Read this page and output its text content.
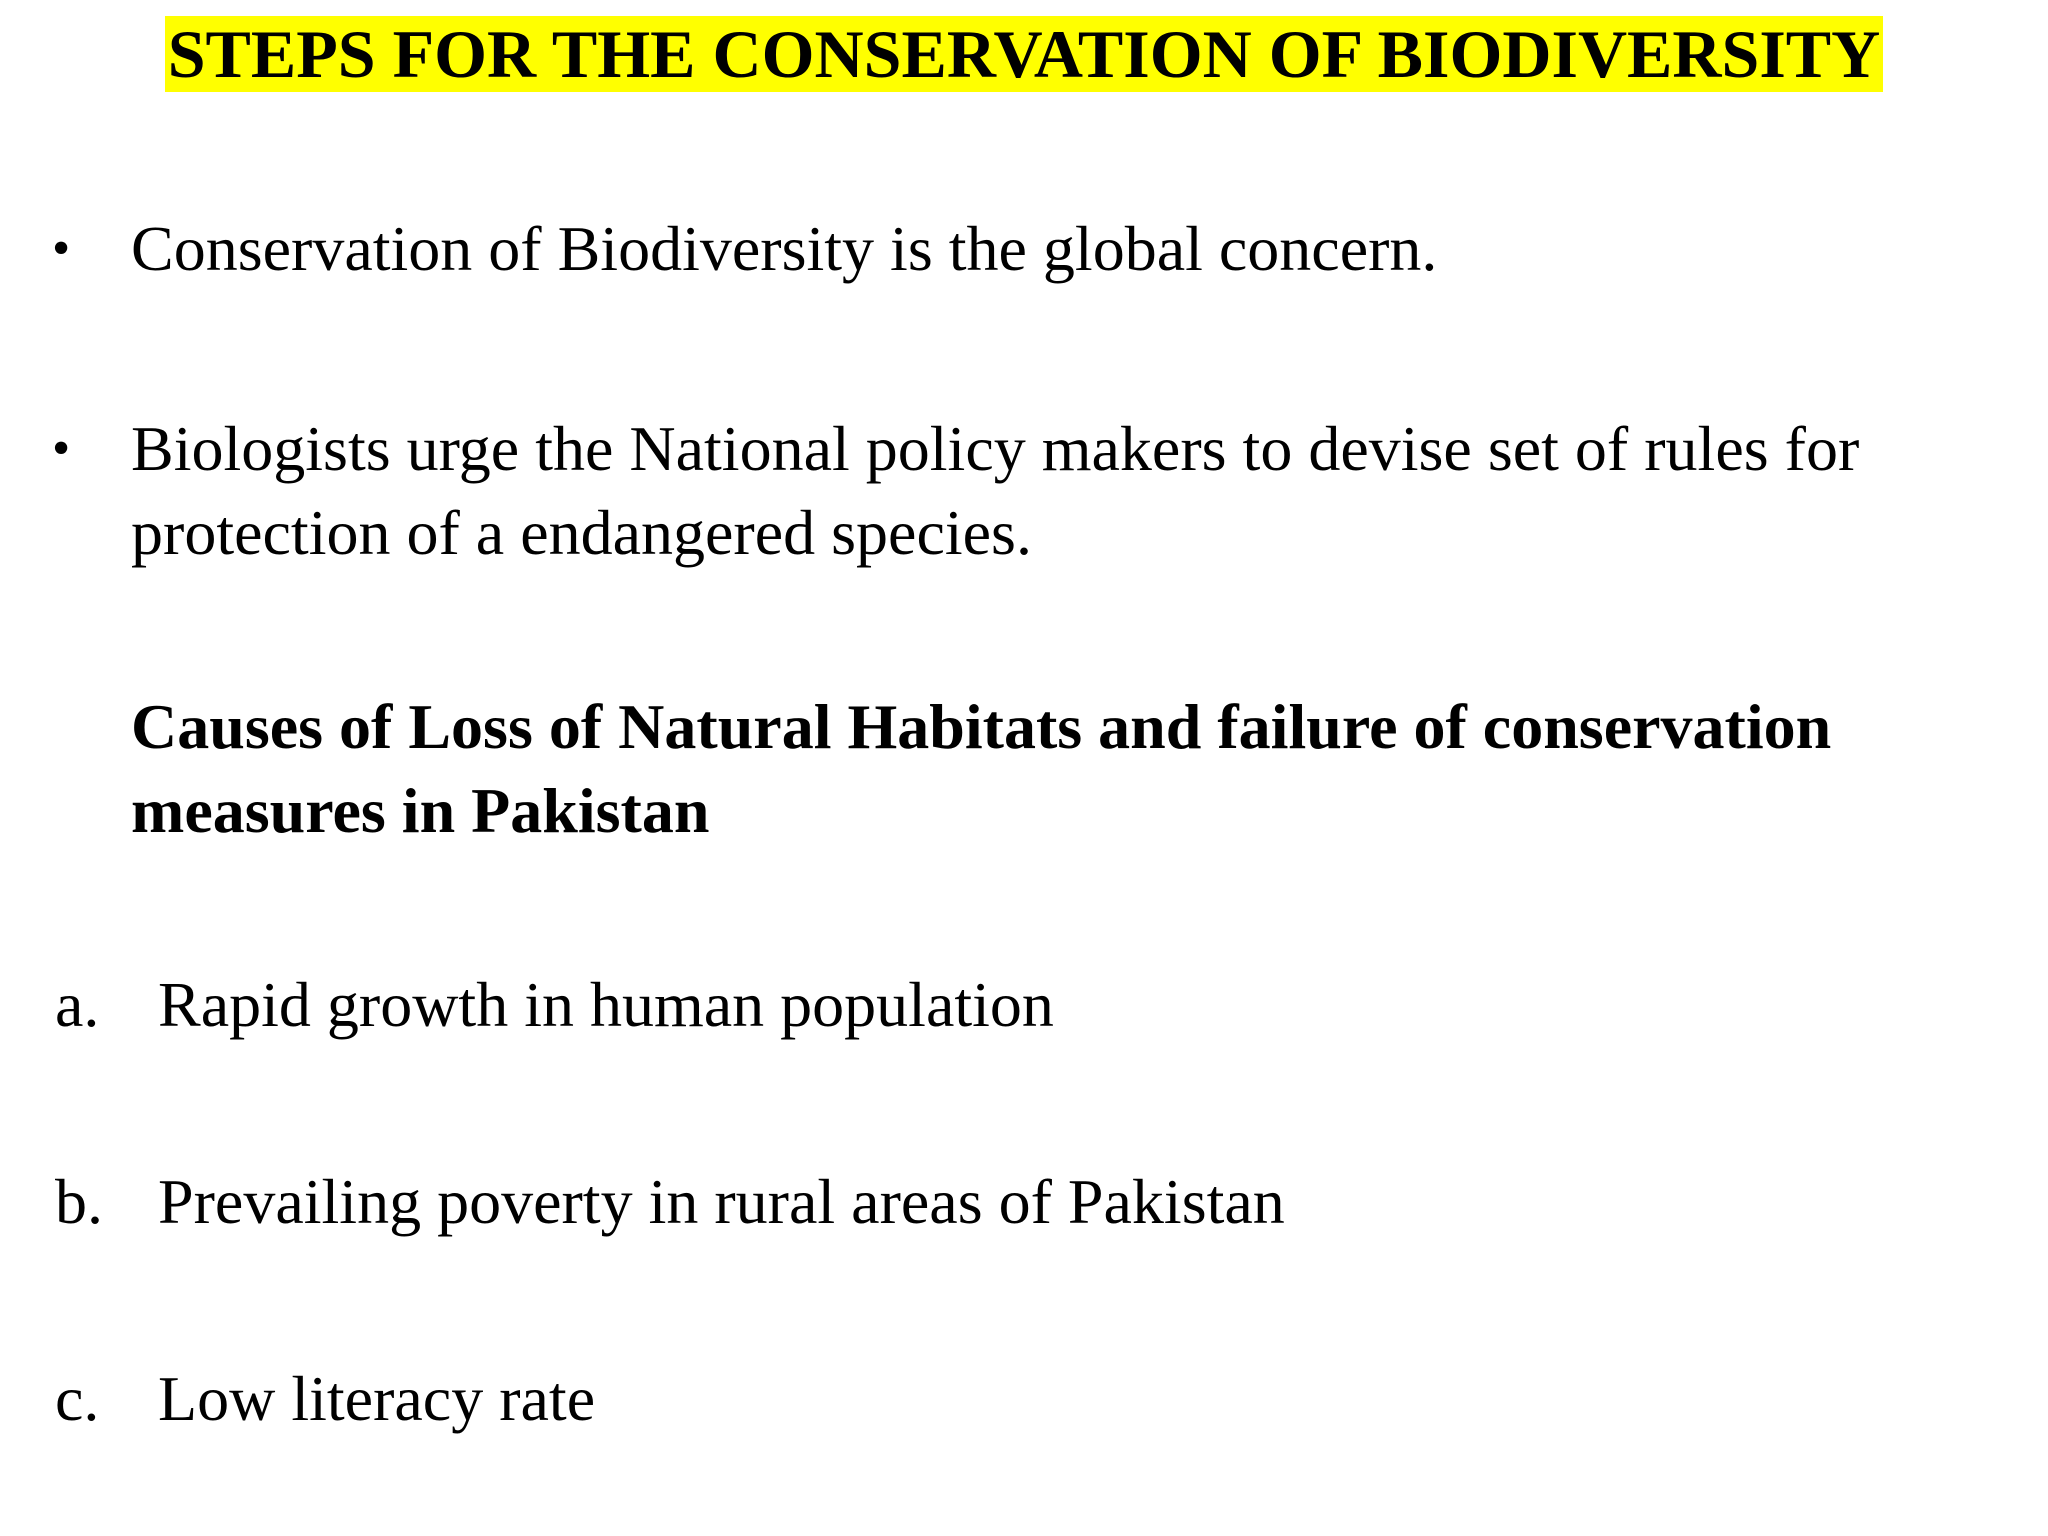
STEPS FOR THE CONSERVATION OF BIODIVERSITY
• Conservation of Biodiversity is the global concern.
• Biologists urge the National policy makers to devise set of rules for
protection of a endangered species.
Causes of Loss of Natural Habitats and failure of conservation
measures in Pakistan
a. Rapid growth in human population
b. Prevailing poverty in rural areas of Pakistan
c. Low literacy rate
